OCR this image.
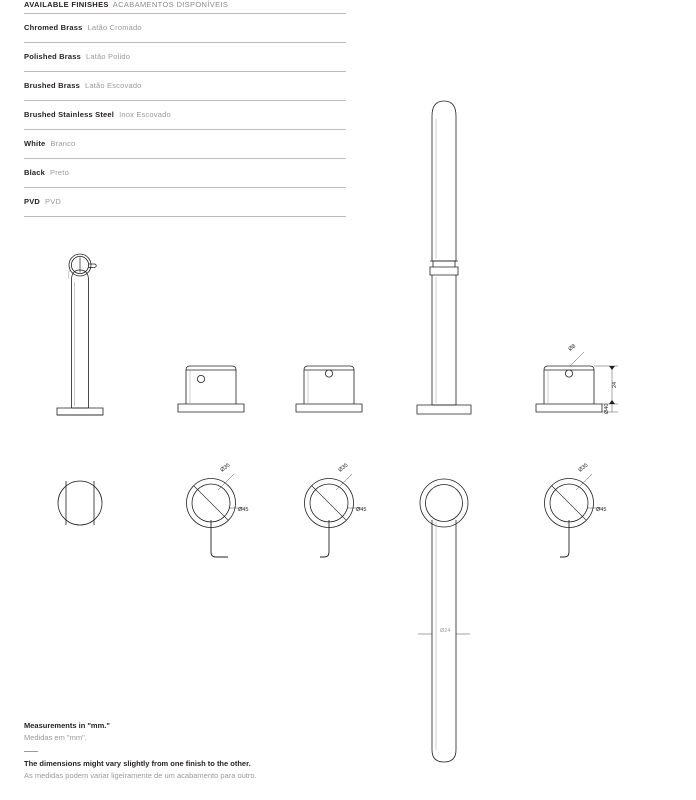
AVAILABLE FINISHES ACABAMENTOS DISPONÍVEIS
Chromed Brass Latão Cromado
Polished Brass Latão Polido
Brushed Brass Latão Escovado
Brushed Stainless Steel Inox Escovado
White Branco
Black Preto
PVD PVD
Ø8
24
Ø40
Ø35
Ø45
Ø35
Ø45
Ø24
Ø35
Ø45
Measurements in "mm."
Medidas em "mm".
The dimensions might vary slightly from one finish to the other.
As medidas podem variar ligeiramente de um acabamento para outro.
